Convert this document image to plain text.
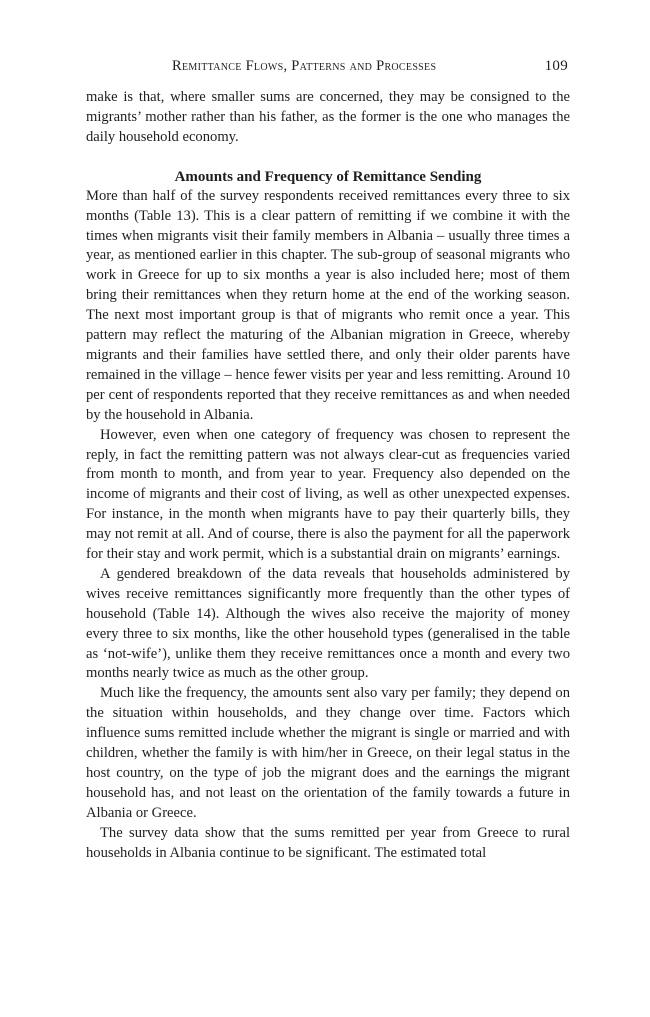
Remittance Flows, Patterns and Processes	109

make is that, where smaller sums are concerned, they may be consigned to the migrants’ mother rather than his father, as the former is the one who manages the daily household economy.

Amounts and Frequency of Remittance Sending

More than half of the survey respondents received remittances every three to six months (Table 13). This is a clear pattern of remitting if we combine it with the times when migrants visit their family members in Albania – usually three times a year, as mentioned earlier in this chapter. The sub-group of seasonal migrants who work in Greece for up to six months a year is also included here; most of them bring their remittances when they return home at the end of the working season. The next most important group is that of migrants who remit once a year. This pattern may reflect the maturing of the Albanian migration in Greece, whereby migrants and their families have settled there, and only their older parents have remained in the village – hence fewer visits per year and less remitting. Around 10 per cent of respondents reported that they receive remittances as and when needed by the household in Albania.

However, even when one category of frequency was chosen to represent the reply, in fact the remitting pattern was not always clear-cut as frequencies varied from month to month, and from year to year. Frequency also depended on the income of migrants and their cost of living, as well as other unexpected expenses. For instance, in the month when migrants have to pay their quarterly bills, they may not remit at all. And of course, there is also the payment for all the paperwork for their stay and work permit, which is a substantial drain on migrants’ earnings.

A gendered breakdown of the data reveals that households administered by wives receive remittances significantly more frequently than the other types of household (Table 14). Although the wives also receive the majority of money every three to six months, like the other household types (generalised in the table as ‘not-wife’), unlike them they receive remittances once a month and every two months nearly twice as much as the other group.

Much like the frequency, the amounts sent also vary per family; they depend on the situation within households, and they change over time. Factors which influence sums remitted include whether the migrant is single or married and with children, whether the family is with him/her in Greece, on their legal status in the host country, on the type of job the migrant does and the earnings the migrant household has, and not least on the orientation of the family towards a future in Albania or Greece.

The survey data show that the sums remitted per year from Greece to rural households in Albania continue to be significant. The estimated total
